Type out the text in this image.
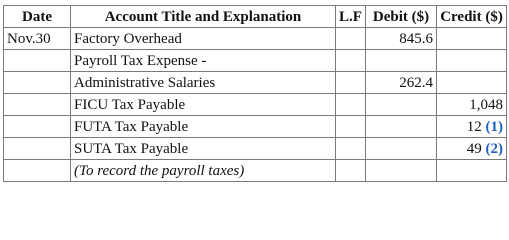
Date	Account Title and Explanation	L.F	Debit ($)	Credit ($)
Nov.30	Factory Overhead		845.6	
	Payroll Tax Expense -			
	Administrative Salaries		262.4	
	FICU Tax Payable			1,048
	FUTA Tax Payable			12 (1)
	SUTA Tax Payable			49 (2)
	(To record the payroll taxes)			
